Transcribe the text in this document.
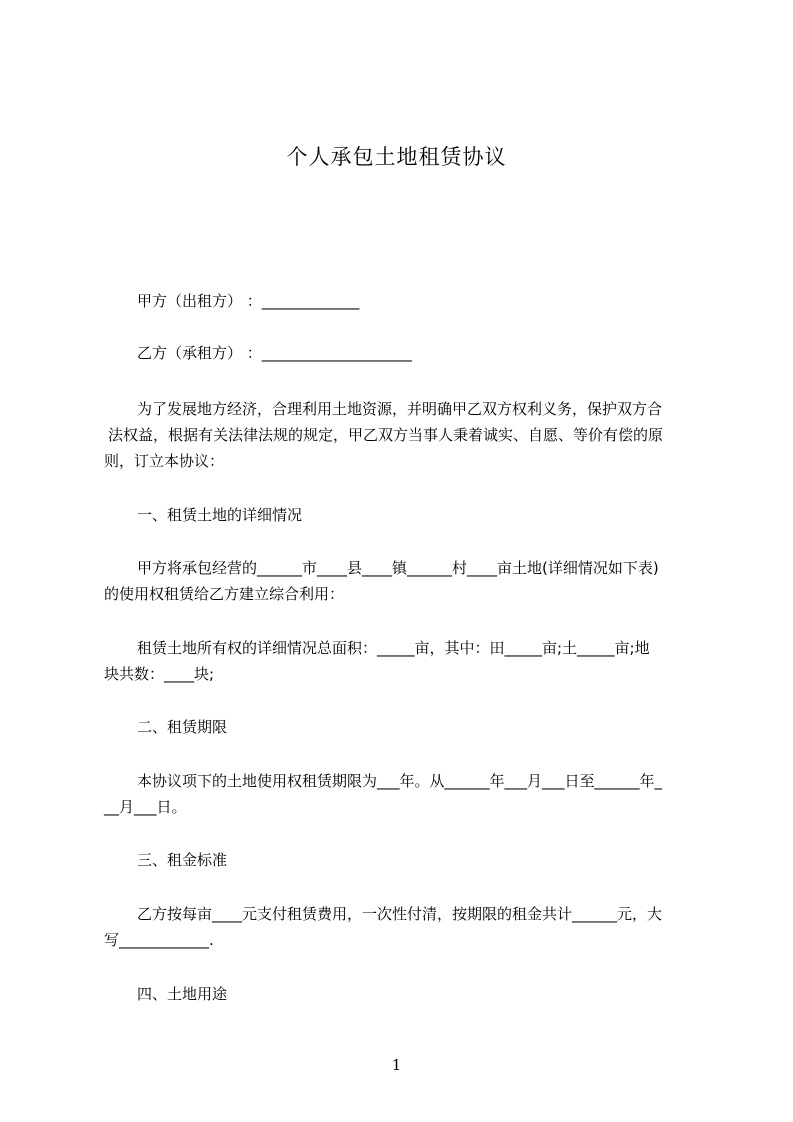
个人承包土地租赁协议
甲方（出租方） ：_____________
乙方（承租方） ：____________________
为了发展地方经济，合理利用土地资源，并明确甲乙双方权利义务，保护双方合
法权益，根据有关法律法规的规定，甲乙双方当事人秉着诚实、自愿、等价有偿的原
则，订立本协议：
一、租赁土地的详细情况
甲方将承包经营的______市____县____镇______村____亩土地(详细情况如下表)
的使用权租赁给乙方建立综合利用：
租赁土地所有权的详细情况总面积：_____亩，其中：田_____亩;土_____亩;地
块共数：____块;
二、租赁期限
本协议项下的土地使用权租赁期限为___年。从______年___月___日至______年_
__月___日。
三、租金标准
乙方按每亩____元支付租赁费用，一次性付清，按期限的租金共计______元，大
写____________.
四、土地用途
1
